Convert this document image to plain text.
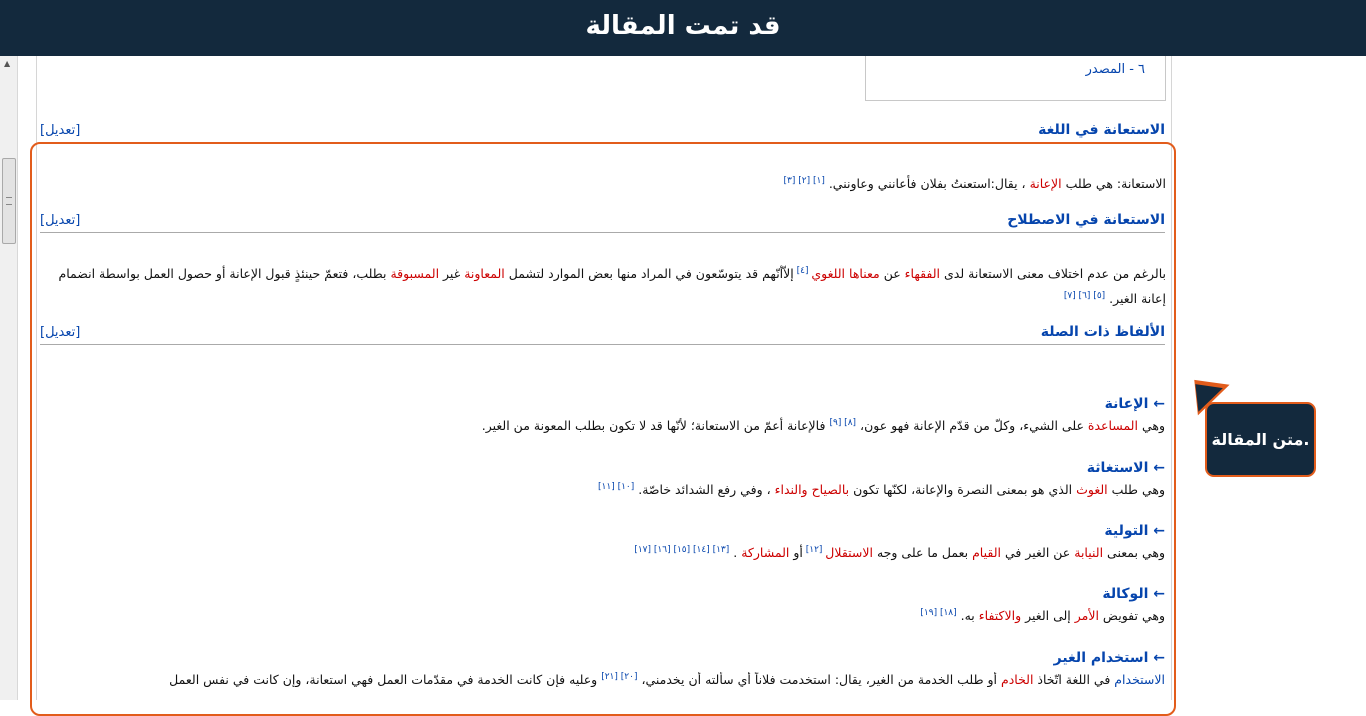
قد تمت المقالة
▲	٦ - المصدر
الاستعانة في اللغة
[تعديل]
الاستعانة: هي طلب الإعانة ، يقال:استعنتُ بفلان فأعانني وعاونني. [١] [٢] [٣]
الاستعانة في الاصطلاح
[تعديل]
بالرغم من عدم اختلاف معنى الاستعانة لدى الفقهاء عن معناها اللغوي [٤] إلاّأنّهم قد يتوسّعون في المراد منها بعض الموارد لتشمل المعاونة غير المسبوقة بطلب، فتعمّ حينئذٍ قبول الإعانة أو حصول العمل بواسطة انضمام إعانة الغير. [٥] [٦] [٧]
الألفاظ ذات الصلة
[تعديل]
← الإعانة
وهي المساعدة على الشيء، وكلّ من قدّم الإعانة فهو عون، [٨] [٩] فالإعانة أعمّ من الاستعانة؛ لأنّها قد لا تكون بطلب المعونة من الغير.
← الاستغاثة
وهي طلب الغوث الذي هو بمعنى النصرة والإعانة، لكنّها تكون بالصياح والنداء ، وفي رفع الشدائد خاصّة. [١٠] [١١]
← التولية
وهي بمعنى النيابة عن الغير في القيام بعمل ما على وجه الاستقلال [١٢] أو المشاركة . [١٣] [١٤] [١٥] [١٦] [١٧]
← الوكالة
وهي تفويض الأمر إلى الغير والاكتفاء به. [١٨] [١٩]
← استخدام الغير
الاستخدام في اللغة اتّخاذ الخادم أو طلب الخدمة من الغير، يقال: استخدمت فلاناً أي سألته أن يخدمني، [٢٠] [٢١] وعليه فإن كانت الخدمة في مقدّمات العمل فهي استعانة، وإن كانت في نفس العمل
متن المقالة.
